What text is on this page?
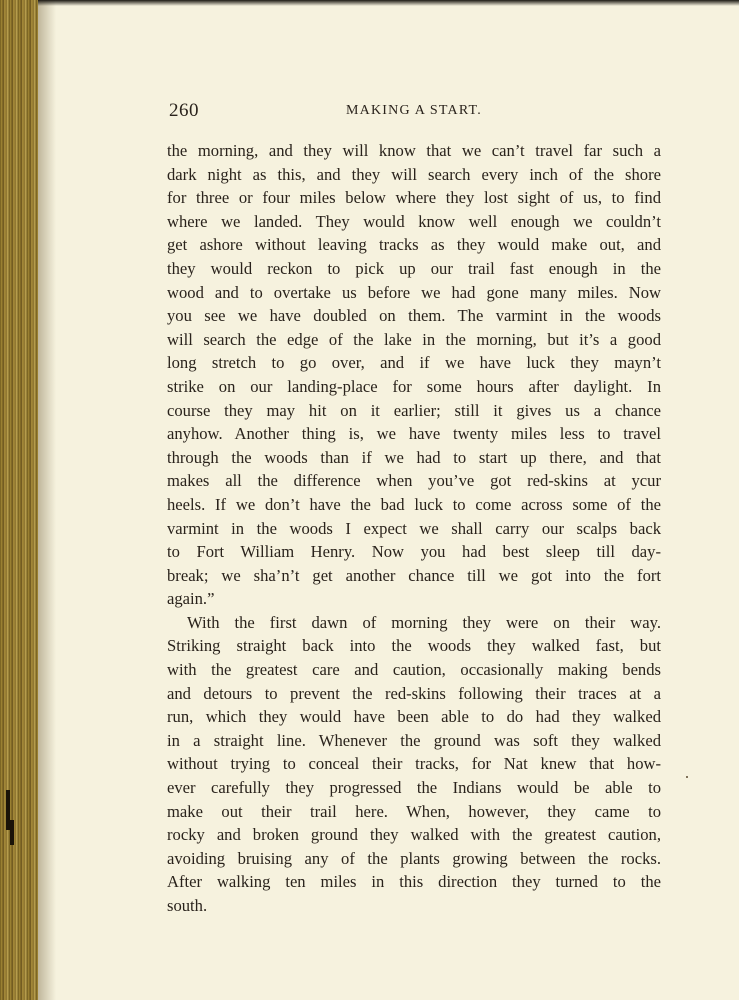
260	MAKING A START.
the morning, and they will know that we can’t travel far such a
dark night as this, and they will search every inch of the shore
for three or four miles below where they lost sight of us, to find
where we landed. They would know well enough we couldn’t
get ashore without leaving tracks as they would make out, and
they would reckon to pick up our trail fast enough in the
wood and to overtake us before we had gone many miles. Now
you see we have doubled on them. The varmint in the woods
will search the edge of the lake in the morning, but it’s a good
long stretch to go over, and if we have luck they mayn’t
strike on our landing-place for some hours after daylight. In
course they may hit on it earlier; still it gives us a chance
anyhow. Another thing is, we have twenty miles less to travel
through the woods than if we had to start up there, and that
makes all the difference when you’ve got red-skins at ycur
heels. If we don’t have the bad luck to come across some of the
varmint in the woods I expect we shall carry our scalps back
to Fort William Henry. Now you had best sleep till day-
break; we sha’n’t get another chance till we got into the fort
again.”
With the first dawn of morning they were on their way.
Striking straight back into the woods they walked fast, but
with the greatest care and caution, occasionally making bends
and detours to prevent the red-skins following their traces at a
run, which they would have been able to do had they walked
in a straight line. Whenever the ground was soft they walked
without trying to conceal their tracks, for Nat knew that how-
ever carefully they progressed the Indians would be able to
make out their trail here. When, however, they came to
rocky and broken ground they walked with the greatest caution,
avoiding bruising any of the plants growing between the rocks.
After walking ten miles in this direction they turned to the
south.
